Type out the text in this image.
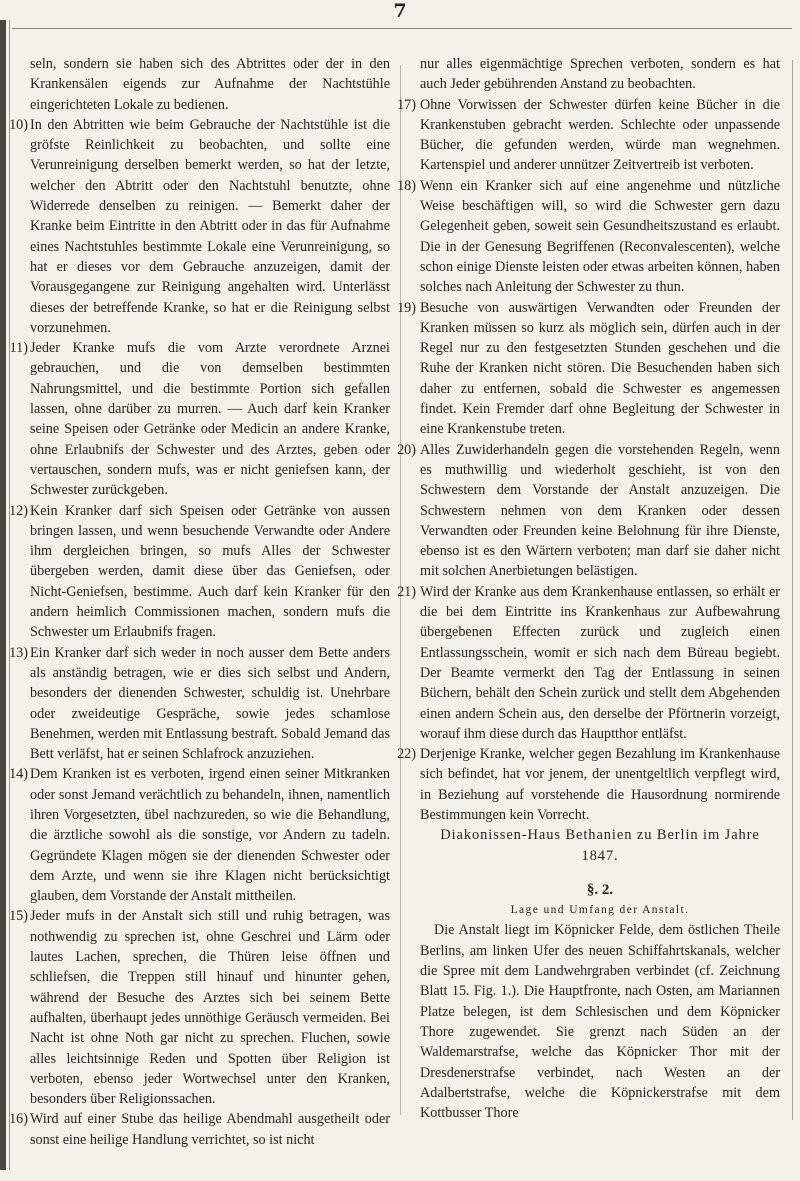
7

seln, sondern sie haben sich des Abtrittes oder der in den Krankensälen eigends zur Aufnahme der Nachtstühle eingerichteten Lokale zu bedienen.

10) In den Abtritten wie beim Gebrauche der Nachtstühle ist die gröfste Reinlichkeit zu beobachten, und sollte eine Verunreinigung derselben bemerkt werden, so hat der letzte, welcher den Abtritt oder den Nachtstuhl benutzte, ohne Widerrede denselben zu reinigen. — Bemerkt daher der Kranke beim Eintritte in den Abtritt oder in das für Aufnahme eines Nachtstuhles bestimmte Lokale eine Verunreinigung, so hat er dieses vor dem Gebrauche anzuzeigen, damit der Vorausgegangene zur Reinigung angehalten wird. Unterlässt dieses der betreffende Kranke, so hat er die Reinigung selbst vorzunehmen.
11) Jeder Kranke mufs die vom Arzte verordnete Arznei gebrauchen, und die von demselben bestimmten Nahrungsmittel, und die bestimmte Portion sich gefallen lassen, ohne darüber zu murren. — Auch darf kein Kranker seine Speisen oder Getränke oder Medicin an andere Kranke, ohne Erlaubnifs der Schwester und des Arztes, geben oder vertauschen, sondern mufs, was er nicht geniefsen kann, der Schwester zurückgeben.
12) Kein Kranker darf sich Speisen oder Getränke von aussen bringen lassen, und wenn besuchende Verwandte oder Andere ihm dergleichen bringen, so mufs Alles der Schwester übergeben werden, damit diese über das Geniefsen, oder Nicht-Geniefsen, bestimme. Auch darf kein Kranker für den andern heimlich Commissionen machen, sondern mufs die Schwester um Erlaubnifs fragen.
13) Ein Kranker darf sich weder in noch ausser dem Bette anders als anständig betragen, wie er dies sich selbst und Andern, besonders der dienenden Schwester, schuldig ist. Unehrbare oder zweideutige Gespräche, sowie jedes schamlose Benehmen, werden mit Entlassung bestraft. Sobald Jemand das Bett verläfst, hat er seinen Schlafrock anzuziehen.
14) Dem Kranken ist es verboten, irgend einen seiner Mitkranken oder sonst Jemand verächtlich zu behandeln, ihnen, namentlich ihren Vorgesetzten, übel nachzureden, so wie die Behandlung, die ärztliche sowohl als die sonstige, vor Andern zu tadeln. Gegründete Klagen mögen sie der dienenden Schwester oder dem Arzte, und wenn sie ihre Klagen nicht berücksichtigt glauben, dem Vorstande der Anstalt mittheilen.
15) Jeder mufs in der Anstalt sich still und ruhig betragen, was nothwendig zu sprechen ist, ohne Geschrei und Lärm oder lautes Lachen, sprechen, die Thüren leise öffnen und schliefsen, die Treppen still hinauf und hinunter gehen, während der Besuche des Arztes sich bei seinem Bette aufhalten, überhaupt jedes unnöthige Geräusch vermeiden. Bei Nacht ist ohne Noth gar nicht zu sprechen. Fluchen, sowie alles leichtsinnige Reden und Spotten über Religion ist verboten, ebenso jeder Wortwechsel unter den Kranken, besonders über Religionssachen.
16) Wird auf einer Stube das heilige Abendmahl ausgetheilt oder sonst eine heilige Handlung verrichtet, so ist nicht

nur alles eigenmächtige Sprechen verboten, sondern es hat auch Jeder gebührenden Anstand zu beobachten.

17) Ohne Vorwissen der Schwester dürfen keine Bücher in die Krankenstuben gebracht werden. Schlechte oder unpassende Bücher, die gefunden werden, würde man wegnehmen. Kartenspiel und anderer unnützer Zeitvertreib ist verboten.
18) Wenn ein Kranker sich auf eine angenehme und nützliche Weise beschäftigen will, so wird die Schwester gern dazu Gelegenheit geben, soweit sein Gesundheitszustand es erlaubt. Die in der Genesung Begriffenen (Reconvalescenten), welche schon einige Dienste leisten oder etwas arbeiten können, haben solches nach Anleitung der Schwester zu thun.
19) Besuche von auswärtigen Verwandten oder Freunden der Kranken müssen so kurz als möglich sein, dürfen auch in der Regel nur zu den festgesetzten Stunden geschehen und die Ruhe der Kranken nicht stören. Die Besuchenden haben sich daher zu entfernen, sobald die Schwester es angemessen findet. Kein Fremder darf ohne Begleitung der Schwester in eine Krankenstube treten.
20) Alles Zuwiderhandeln gegen die vorstehenden Regeln, wenn es muthwillig und wiederholt geschieht, ist von den Schwestern dem Vorstande der Anstalt anzuzeigen. Die Schwestern nehmen von dem Kranken oder dessen Verwandten oder Freunden keine Belohnung für ihre Dienste, ebenso ist es den Wärtern verboten; man darf sie daher nicht mit solchen Anerbietungen belästigen.
21) Wird der Kranke aus dem Krankenhause entlassen, so erhält er die bei dem Eintritte ins Krankenhaus zur Aufbewahrung übergebenen Effecten zurück und zugleich einen Entlassungsschein, womit er sich nach dem Büreau begiebt. Der Beamte vermerkt den Tag der Entlassung in seinen Büchern, behält den Schein zurück und stellt dem Abgehenden einen andern Schein aus, den derselbe der Pförtnerin vorzeigt, worauf ihm diese durch das Hauptthor entläfst.
22) Derjenige Kranke, welcher gegen Bezahlung im Krankenhause sich befindet, hat vor jenem, der unentgeltlich verpflegt wird, in Beziehung auf vorstehende die Hausordnung normirende Bestimmungen kein Vorrecht.

Diakonissen-Haus Bethanien zu Berlin im Jahre

1847.

§. 2.

Lage und Umfang der Anstalt.

Die Anstalt liegt im Köpnicker Felde, dem östlichen Theile Berlins, am linken Ufer des neuen Schiffahrtskanals, welcher die Spree mit dem Landwehrgraben verbindet (cf. Zeichnung Blatt 15. Fig. 1.). Die Hauptfronte, nach Osten, am Mariannen Platze belegen, ist dem Schlesischen und dem Köpnicker Thore zugewendet. Sie grenzt nach Süden an der Waldemarstrafse, welche das Köpnicker Thor mit der Dresdenerstrafse verbindet, nach Westen an der Adalbertstrafse, welche die Köpnickerstrafse mit dem Kottbusser Thore
